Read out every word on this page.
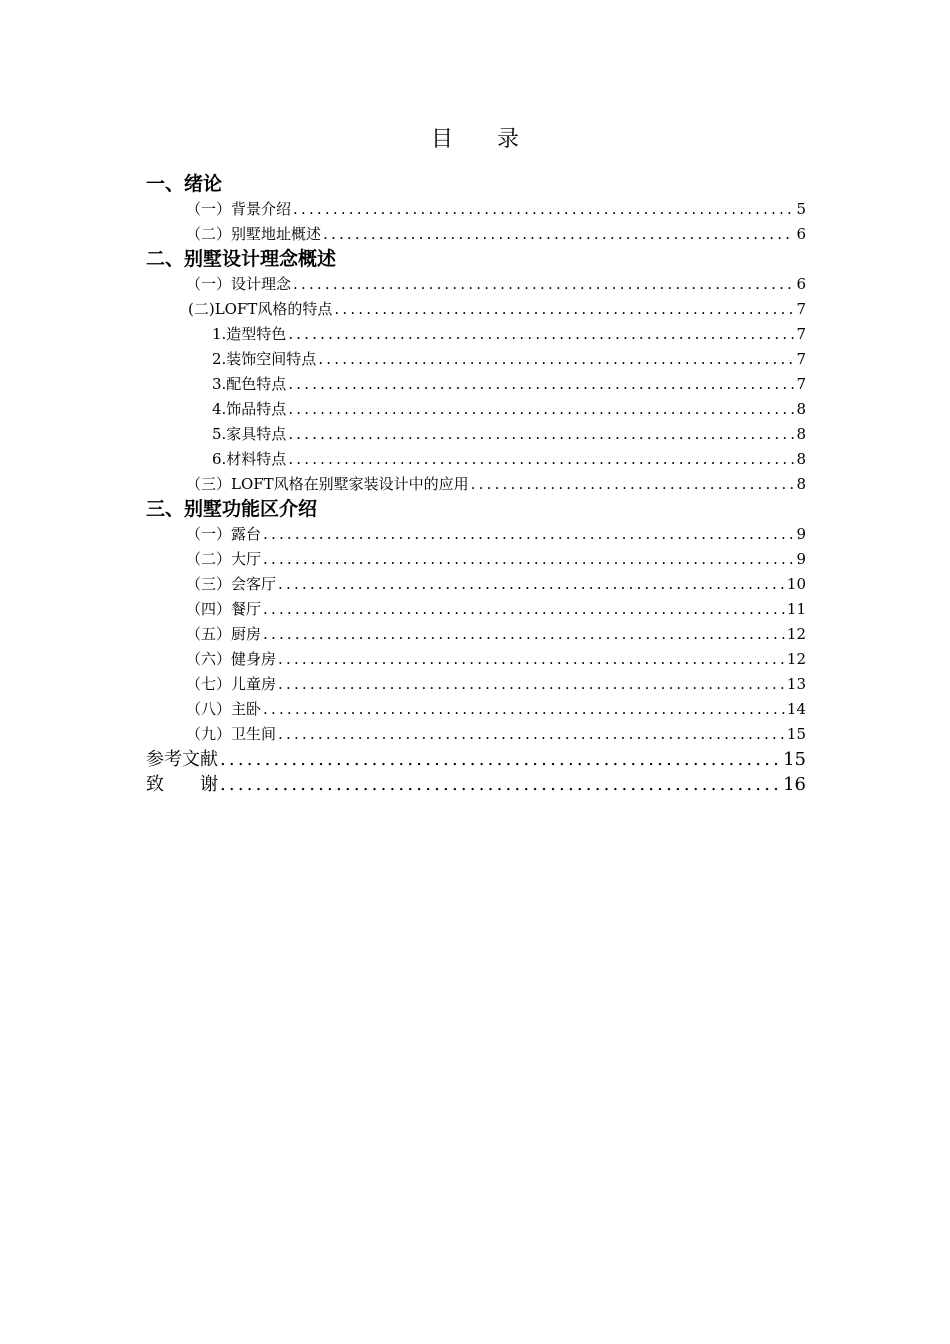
目　　录
一、绪论
（一）背景介绍 .....	5
（二）别墅地址概述 .....	6
二、别墅设计理念概述
（一）设计理念 .....	6
(二)LOFT风格的特点 .....	7
1.造型特色 .....	7
2.装饰空间特点 .....	7
3.配色特点 .....	7
4.饰品特点 .....	8
5.家具特点 .....	8
6.材料特点 .....	8
（三）LOFT风格在别墅家装设计中的应用 .....	8
三、别墅功能区介绍
（一）露台 .....	9
（二）大厅 .....	9
（三）会客厅 .....	10
（四）餐厅 .....	11
（五）厨房 .....	12
（六）健身房 .....	12
（七）儿童房 .....	13
（八）主卧 .....	14
（九）卫生间 .....	15
参考文献 .....	15
致　　谢 .....	16
